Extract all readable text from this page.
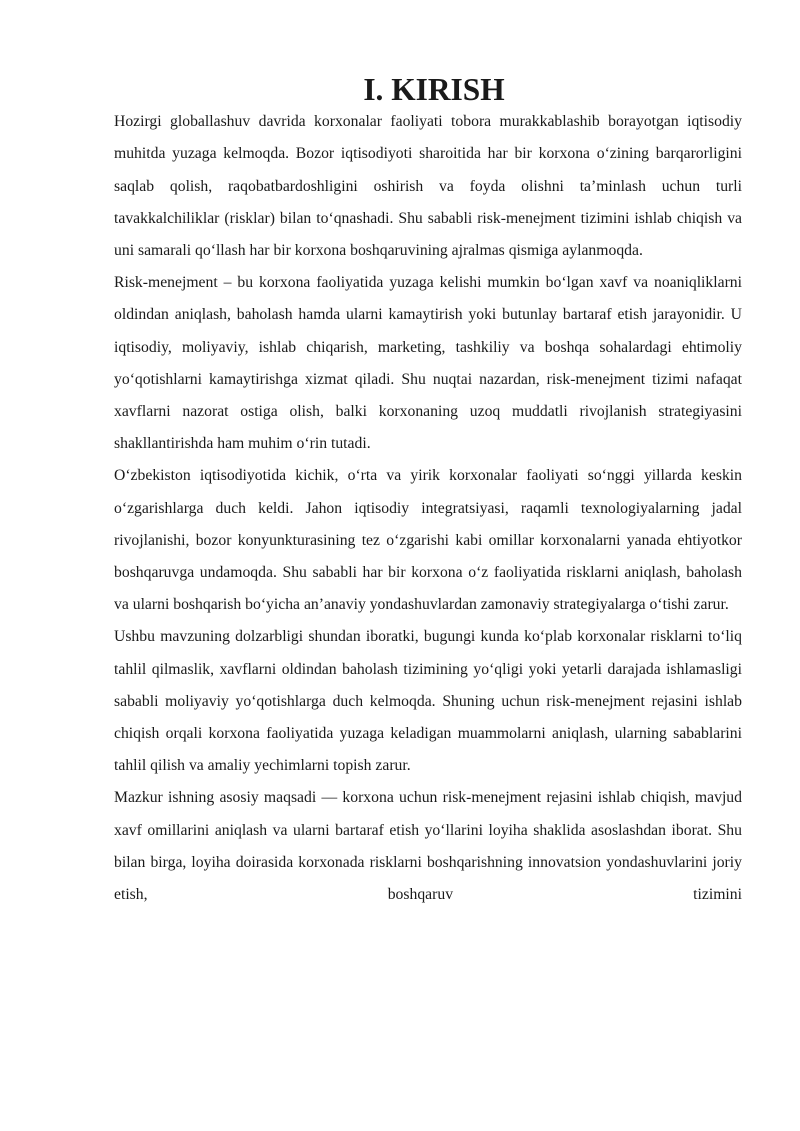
I. KIRISH

Hozirgi globallashuv davrida korxonalar faoliyati tobora murakkablashib borayotgan iqtisodiy muhitda yuzaga kelmoqda. Bozor iqtisodiyoti sharoitida har bir korxona o‘zining barqarorligini saqlab qolish, raqobatbardoshligini oshirish va foyda olishni ta’minlash uchun turli tavakkalchiliklar (risklar) bilan to‘qnashadi. Shu sababli risk-menejment tizimini ishlab chiqish va uni samarali qo‘llash har bir korxona boshqaruvining ajralmas qismiga aylanmoqda.

Risk-menejment – bu korxona faoliyatida yuzaga kelishi mumkin bo‘lgan xavf va noaniqliklarni oldindan aniqlash, baholash hamda ularni kamaytirish yoki butunlay bartaraf etish jarayonidir. U iqtisodiy, moliyaviy, ishlab chiqarish, marketing, tashkiliy va boshqa sohalardagi ehtimoliy yo‘qotishlarni kamaytirishga xizmat qiladi. Shu nuqtai nazardan, risk-menejment tizimi nafaqat xavflarni nazorat ostiga olish, balki korxonaning uzoq muddatli rivojlanish strategiyasini shakllantirishda ham muhim o‘rin tutadi.

O‘zbekiston iqtisodiyotida kichik, o‘rta va yirik korxonalar faoliyati so‘nggi yillarda keskin o‘zgarishlarga duch keldi. Jahon iqtisodiy integratsiyasi, raqamli texnologiyalarning jadal rivojlanishi, bozor konyunkturasining tez o‘zgarishi kabi omillar korxonalarni yanada ehtiyotkor boshqaruvga undamoqda. Shu sababli har bir korxona o‘z faoliyatida risklarni aniqlash, baholash va ularni boshqarish bo‘yicha an’anaviy yondashuvlardan zamonaviy strategiyalarga o‘tishi zarur.

Ushbu mavzuning dolzarbligi shundan iboratki, bugungi kunda ko‘plab korxonalar risklarni to‘liq tahlil qilmaslik, xavflarni oldindan baholash tizimining yo‘qligi yoki yetarli darajada ishlamasligi sababli moliyaviy yo‘qotishlarga duch kelmoqda. Shuning uchun risk-menejment rejasini ishlab chiqish orqali korxona faoliyatida yuzaga keladigan muammolarni aniqlash, ularning sabablarini tahlil qilish va amaliy yechimlarni topish zarur.

Mazkur ishning asosiy maqsadi — korxona uchun risk-menejment rejasini ishlab chiqish, mavjud xavf omillarini aniqlash va ularni bartaraf etish yo‘llarini loyiha shaklida asoslashdan iborat. Shu bilan birga, loyiha doirasida korxonada risklarni boshqarishning innovatsion yondashuvlarini joriy etish, boshqaruv tizimini
